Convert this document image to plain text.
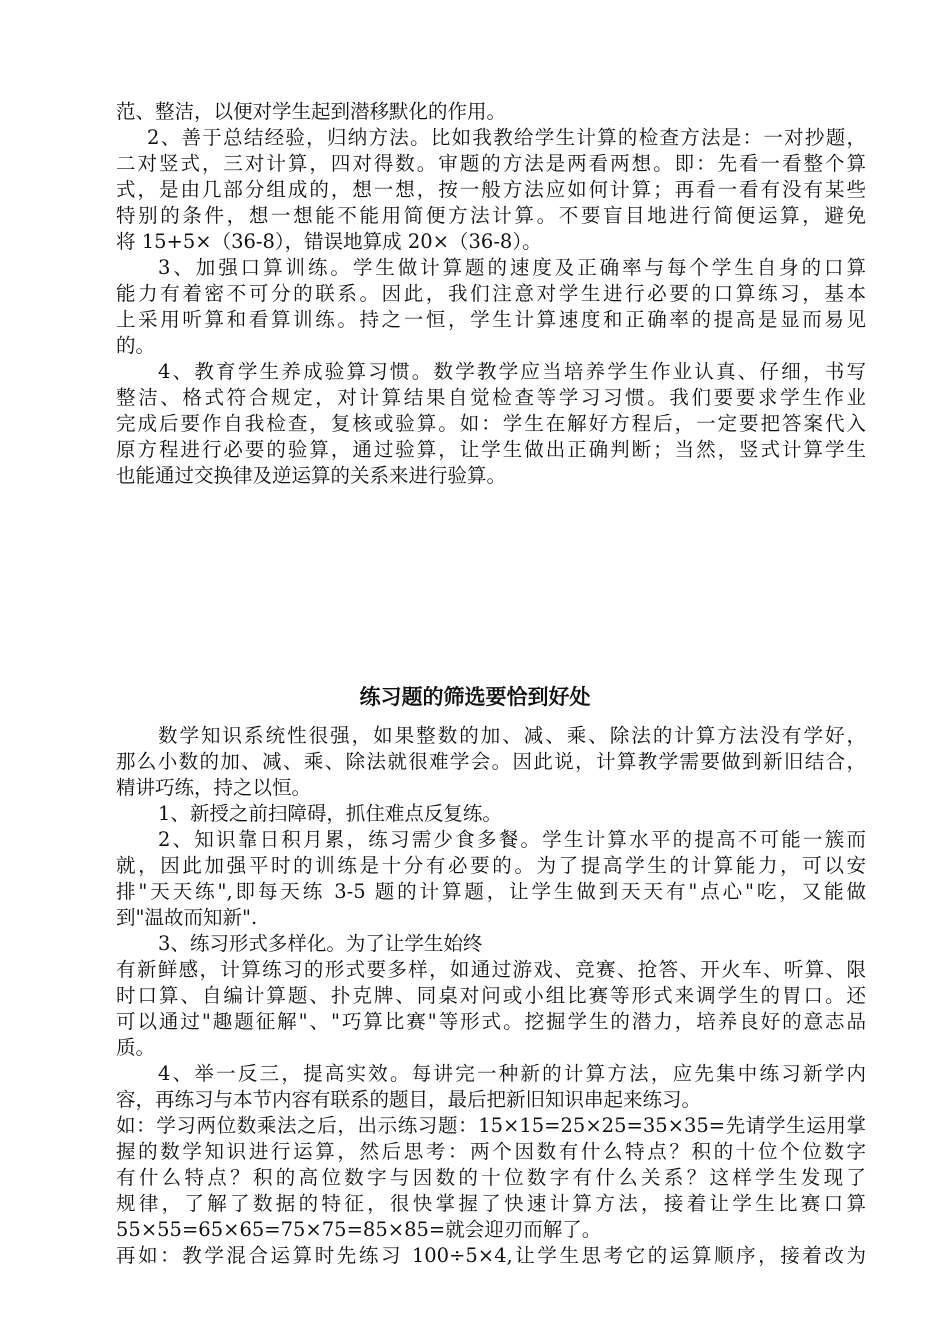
范、整洁，以便对学生起到潜移默化的作用。
2、善于总结经验，归纳方法。比如我教给学生计算的检查方法是：一对抄题，
二对竖式，三对计算，四对得数。审题的方法是两看两想。即：先看一看整个算
式，是由几部分组成的，想一想，按一般方法应如何计算；再看一看有没有某些
特别的条件，想一想能不能用简便方法计算。不要盲目地进行简便运算，避免
将 15+5×（36-8），错误地算成 20×（36-8）。
3、加强口算训练。学生做计算题的速度及正确率与每个学生自身的口算
能力有着密不可分的联系。因此，我们注意对学生进行必要的口算练习，基本
上采用听算和看算训练。持之一恒，学生计算速度和正确率的提高是显而易见
的。
4、教育学生养成验算习惯。数学教学应当培养学生作业认真、仔细，书写
整洁、格式符合规定，对计算结果自觉检查等学习习惯。我们要要求学生作业
完成后要作自我检查，复核或验算。如：学生在解好方程后，一定要把答案代入
原方程进行必要的验算，通过验算，让学生做出正确判断；当然，竖式计算学生
也能通过交换律及逆运算的关系来进行验算。
练习题的筛选要恰到好处
数学知识系统性很强，如果整数的加、减、乘、除法的计算方法没有学好，
那么小数的加、减、乘、除法就很难学会。因此说，计算教学需要做到新旧结合，
精讲巧练，持之以恒。
1、新授之前扫障碍，抓住难点反复练。
2、知识靠日积月累，练习需少食多餐。学生计算水平的提高不可能一簇而
就，因此加强平时的训练是十分有必要的。为了提高学生的计算能力，可以安
排"天天练",即每天练 3-5 题的计算题，让学生做到天天有"点心"吃，又能做
到"温故而知新".
3、练习形式多样化。为了让学生始终
有新鲜感，计算练习的形式要多样，如通过游戏、竞赛、抢答、开火车、听算、限
时口算、自编计算题、扑克牌、同桌对问或小组比赛等形式来调学生的胃口。还
可以通过"趣题征解"、"巧算比赛"等形式。挖掘学生的潜力，培养良好的意志品
质。
4、举一反三，提高实效。每讲完一种新的计算方法，应先集中练习新学内
容，再练习与本节内容有联系的题目，最后把新旧知识串起来练习。
如：学习两位数乘法之后，出示练习题：15×15=25×25=35×35=先请学生运用掌
握的数学知识进行运算，然后思考：两个因数有什么特点？积的十位个位数字
有什么特点？积的高位数字与因数的十位数字有什么关系？这样学生发现了
规律，了解了数据的特征，很快掌握了快速计算方法，接着让学生比赛口算
55×55=65×65=75×75=85×85=就会迎刃而解了。
再如：教学混合运算时先练习 100÷5×4,让学生思考它的运算顺序，接着改为
